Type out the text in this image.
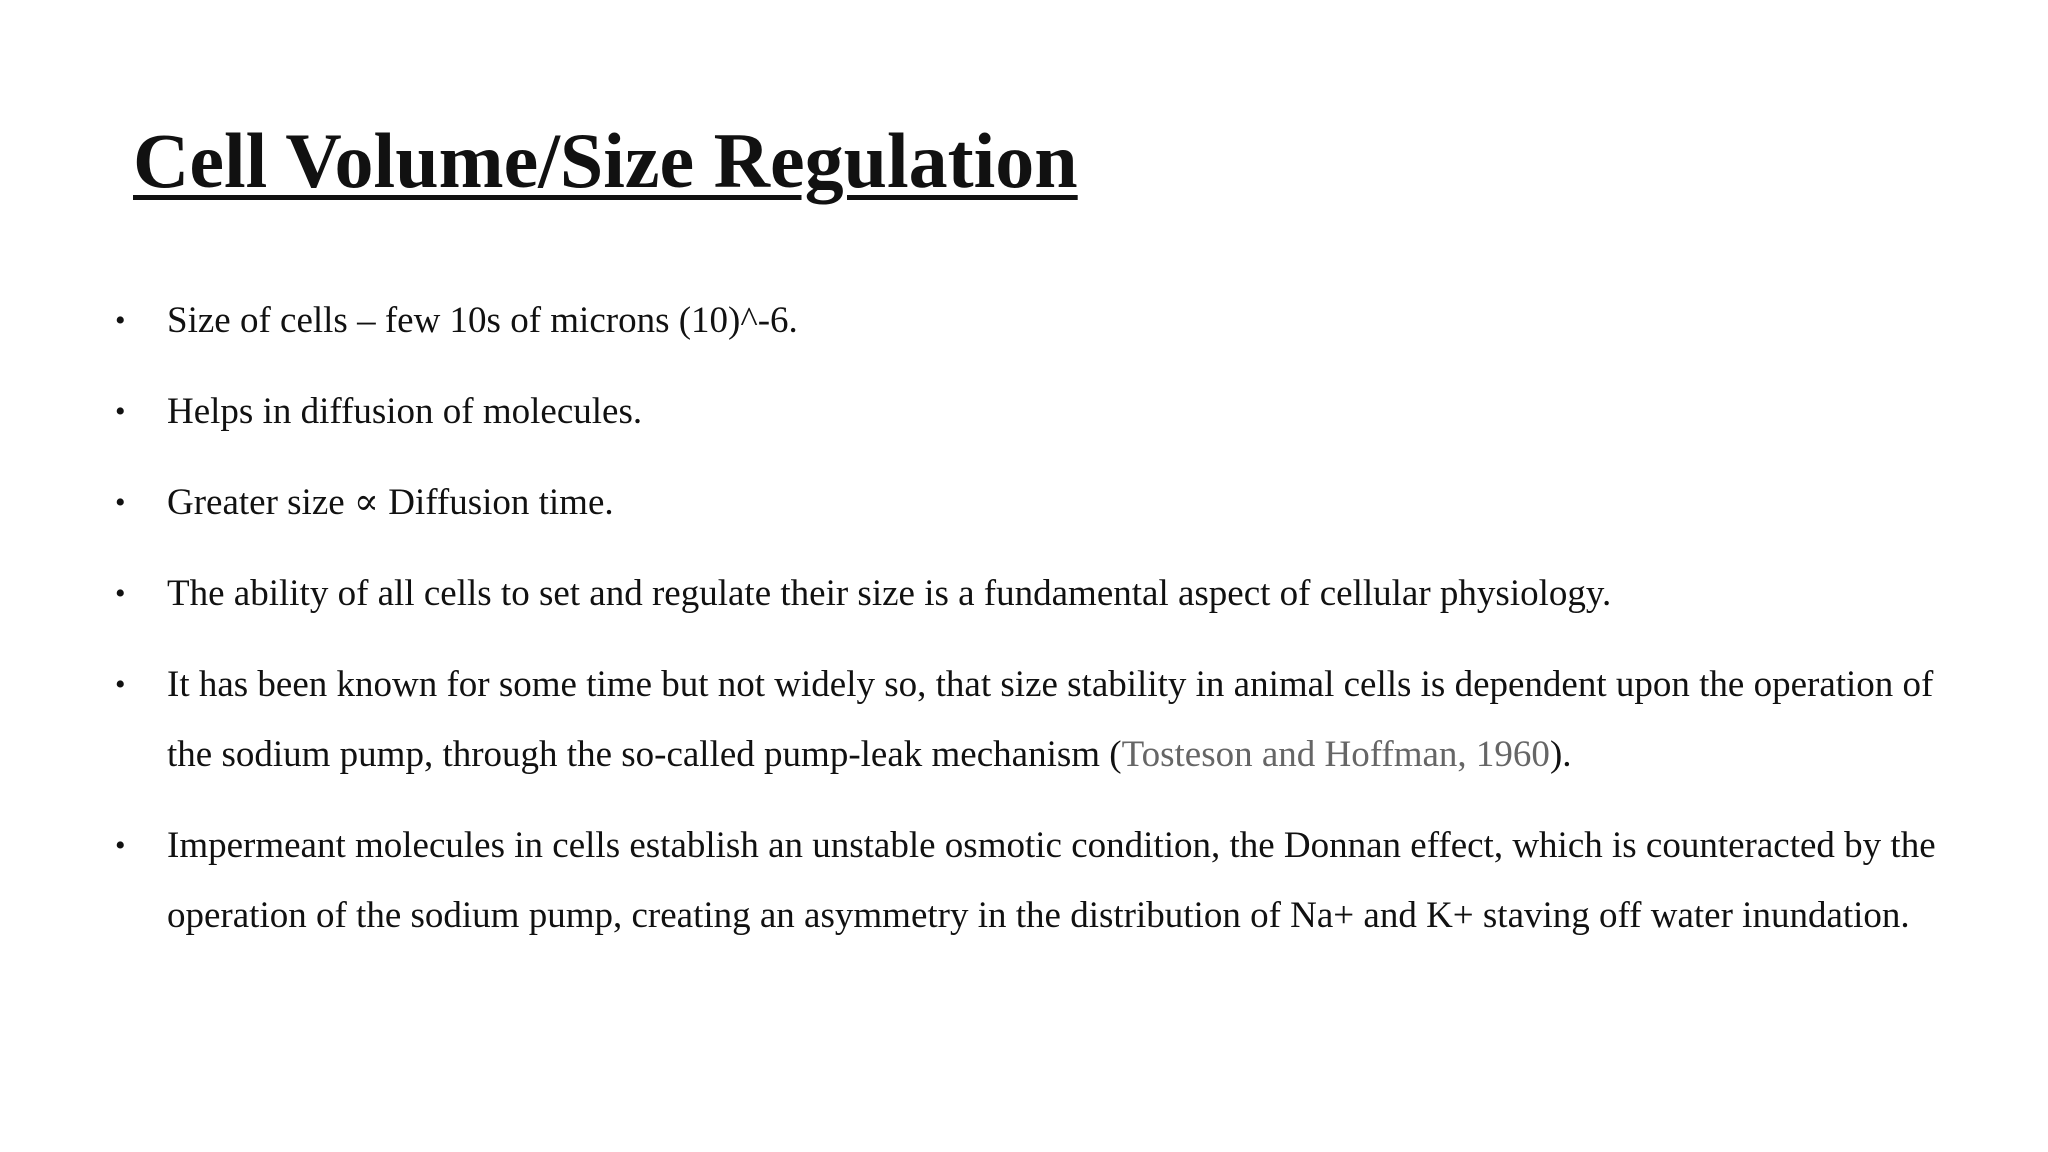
Cell Volume/Size Regulation
• Size of cells – few 10s of microns (10)^-6.
• Helps in diffusion of molecules.
• Greater size ∝ Diffusion time.
• The ability of all cells to set and regulate their size is a fundamental aspect of cellular physiology.
• It has been known for some time but not widely so, that size stability in animal cells is dependent upon the operation of the sodium pump, through the so-called pump-leak mechanism (Tosteson and Hoffman, 1960).
• Impermeant molecules in cells establish an unstable osmotic condition, the Donnan effect, which is counteracted by the operation of the sodium pump, creating an asymmetry in the distribution of Na+ and K+ staving off water inundation.
